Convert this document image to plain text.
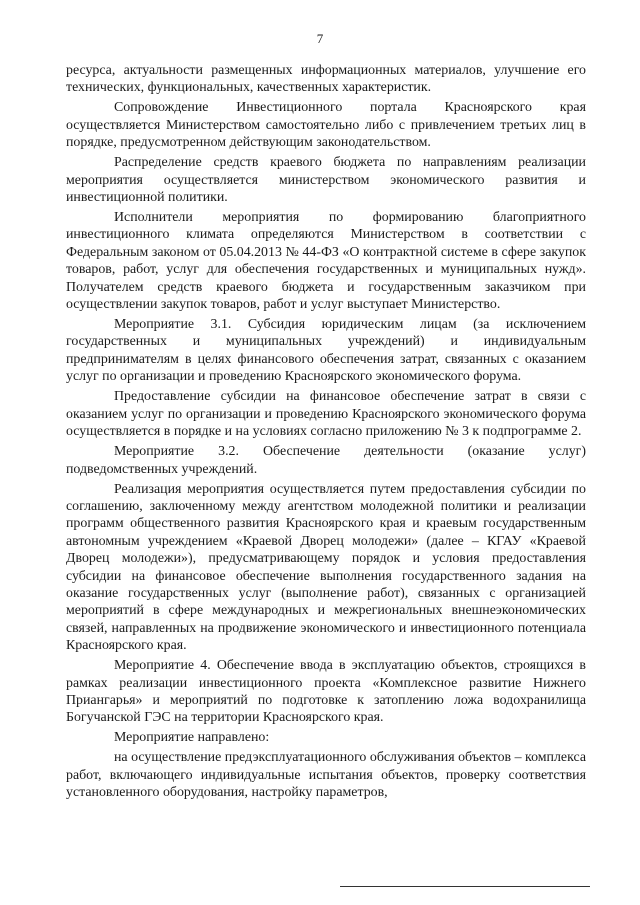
7

ресурса, актуальности размещенных информационных материалов, улучшение его технических, функциональных, качественных характеристик.

Сопровождение Инвестиционного портала Красноярского края осуществляется Министерством самостоятельно либо с привлечением третьих лиц в порядке, предусмотренном действующим законодательством.

Распределение средств краевого бюджета по направлениям реализации мероприятия осуществляется министерством экономического развития и инвестиционной политики.

Исполнители мероприятия по формированию благоприятного инвестиционного климата определяются Министерством в соответствии с Федеральным законом от 05.04.2013 № 44-ФЗ «О контрактной системе в сфере закупок товаров, работ, услуг для обеспечения государственных и муниципальных нужд». Получателем средств краевого бюджета и государственным заказчиком при осуществлении закупок товаров, работ и услуг выступает Министерство.

Мероприятие 3.1. Субсидия юридическим лицам (за исключением государственных и муниципальных учреждений) и индивидуальным предпринимателям в целях финансового обеспечения затрат, связанных с оказанием услуг по организации и проведению Красноярского экономического форума.

Предоставление субсидии на финансовое обеспечение затрат в связи с оказанием услуг по организации и проведению Красноярского экономического форума осуществляется в порядке и на условиях согласно приложению № 3 к подпрограмме 2.

Мероприятие 3.2. Обеспечение деятельности (оказание услуг) подведомственных учреждений.

Реализация мероприятия осуществляется путем предоставления субсидии по соглашению, заключенному между агентством молодежной политики и реализации программ общественного развития Красноярского края и краевым государственным автономным учреждением «Краевой Дворец молодежи» (далее – КГАУ «Краевой Дворец молодежи»), предусматривающему порядок и условия предоставления субсидии на финансовое обеспечение выполнения государственного задания на оказание государственных услуг (выполнение работ), связанных с организацией мероприятий в сфере международных и межрегиональных внешнеэкономических связей, направленных на продвижение экономического и инвестиционного потенциала Красноярского края.

Мероприятие 4. Обеспечение ввода в эксплуатацию объектов, строящихся в рамках реализации инвестиционного проекта «Комплексное развитие Нижнего Приангарья» и мероприятий по подготовке к затоплению ложа водохранилища Богучанской ГЭС на территории Красноярского края.

Мероприятие направлено:

на осуществление предэксплуатационного обслуживания объектов – комплекса работ, включающего индивидуальные испытания объектов, проверку соответствия установленного оборудования, настройку параметров,
